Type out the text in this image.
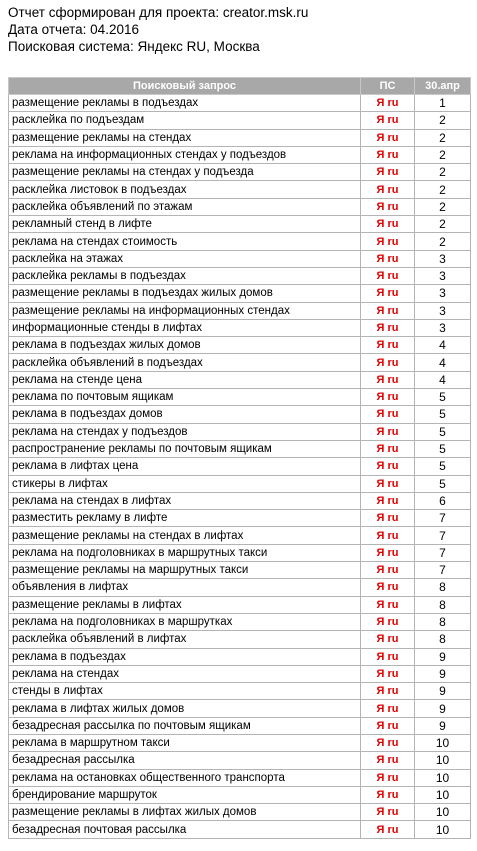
Отчет сформирован для проекта: creator.msk.ru
Дата отчета: 04.2016
Поисковая система: Яндекс RU, Москва
Поисковый запрос	ПС	30.апр
размещение рекламы в подъездах	Я ru	1
расклейка по подъездам	Я ru	2
размещение рекламы на стендах	Я ru	2
реклама на информационных стендах у подъездов	Я ru	2
размещение рекламы на стендах у подъезда	Я ru	2
расклейка листовок в подъездах	Я ru	2
расклейка объявлений по этажам	Я ru	2
рекламный стенд в лифте	Я ru	2
реклама на стендах стоимость	Я ru	2
расклейка на этажах	Я ru	3
расклейка рекламы в подъездах	Я ru	3
размещение рекламы в подъездах жилых домов	Я ru	3
размещение рекламы на информационных стендах	Я ru	3
информационные стенды в лифтах	Я ru	3
реклама в подъездах жилых домов	Я ru	4
расклейка объявлений в подъездах	Я ru	4
реклама на стенде цена	Я ru	4
реклама по почтовым ящикам	Я ru	5
реклама в подъездах домов	Я ru	5
реклама на стендах у подъездов	Я ru	5
распространение рекламы по почтовым ящикам	Я ru	5
реклама в лифтах цена	Я ru	5
стикеры в лифтах	Я ru	5
реклама на стендах в лифтах	Я ru	6
разместить рекламу в лифте	Я ru	7
размещение рекламы на стендах в лифтах	Я ru	7
реклама на подголовниках в маршрутных такси	Я ru	7
размещение рекламы на маршрутных такси	Я ru	7
объявления в лифтах	Я ru	8
размещение рекламы в лифтах	Я ru	8
реклама на подголовниках в маршрутках	Я ru	8
расклейка объявлений в лифтах	Я ru	8
реклама в подъездах	Я ru	9
реклама на стендах	Я ru	9
стенды в лифтах	Я ru	9
реклама в лифтах жилых домов	Я ru	9
безадресная рассылка по почтовым ящикам	Я ru	9
реклама в маршрутном такси	Я ru	10
безадресная рассылка	Я ru	10
реклама на остановках общественного транспорта	Я ru	10
брендирование маршруток	Я ru	10
размещение рекламы в лифтах жилых домов	Я ru	10
безадресная почтовая рассылка	Я ru	10
